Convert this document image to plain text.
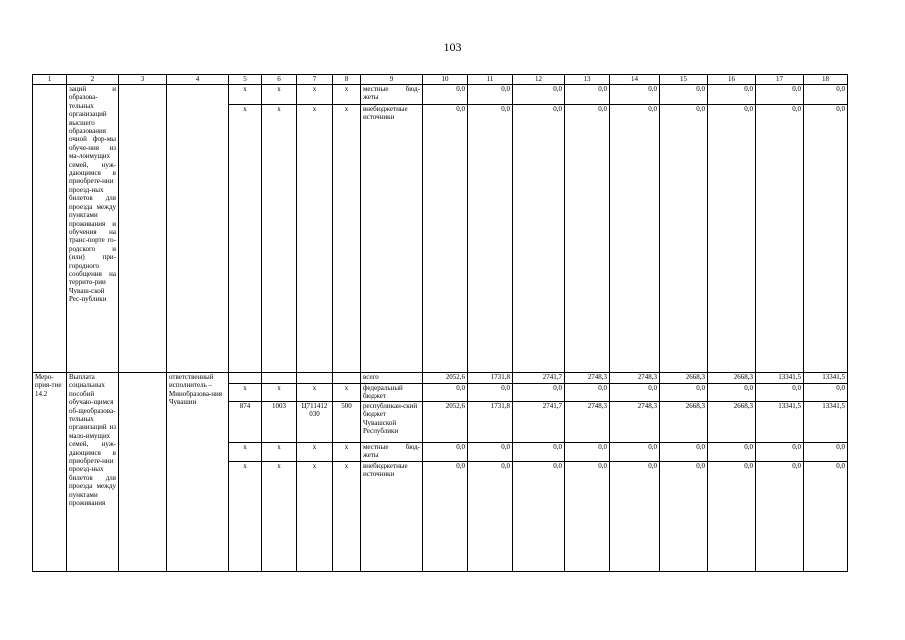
103
1	2	3	4	5	6	7	8	9	10	11	12	13	14	15	16	17	18
	заций и образова-тельных организаций высшего образования очной фор-мы обуче-ния из ма-лоимущих семей, нуж-дающимся в приобрете-нии проезд-ных билетов для проезда между пунктами проживания и обучения на транс-порте го-родского и (или) при-городного сообщения на террито-рии Чуваш-ской Рес-публики			x	x	x	x	местные бюд-жеты	0,0	0,0	0,0	0,0	0,0	0,0	0,0	0,0	0,0
				x	x	x	x	внебюджетные источники	0,0	0,0	0,0	0,0	0,0	0,0	0,0	0,0	0,0
Меро-прия-тие 14.2	Выплата социальных пособий обучаю-щимся об-щеобразова-тельных организаций из мало-имущих семей, нуж-дающимся в приобрете-нии проезд-ных билетов для проезда между пунктами проживания		ответственный исполнитель – Минобразова-ния Чувашии					всего	2052,6	1731,8	2741,7	2748,3	2748,3	2668,3	2668,3	13341,5	13341,5
				x	x	x	x	федеральный бюджет	0,0	0,0	0,0	0,0	0,0	0,0	0,0	0,0	0,0
				874	1003	Ц711412 030	500	республикан-ский бюджет Чувашской Республики	2052,6	1731,8	2741,7	2748,3	2748,3	2668,3	2668,3	13341,5	13341,5
				x	x	x	x	местные бюд-жеты	0,0	0,0	0,0	0,0	0,0	0,0	0,0	0,0	0,0
				x	x	x	x	внебюджетные источники	0,0	0,0	0,0	0,0	0,0	0,0	0,0	0,0	0,0
